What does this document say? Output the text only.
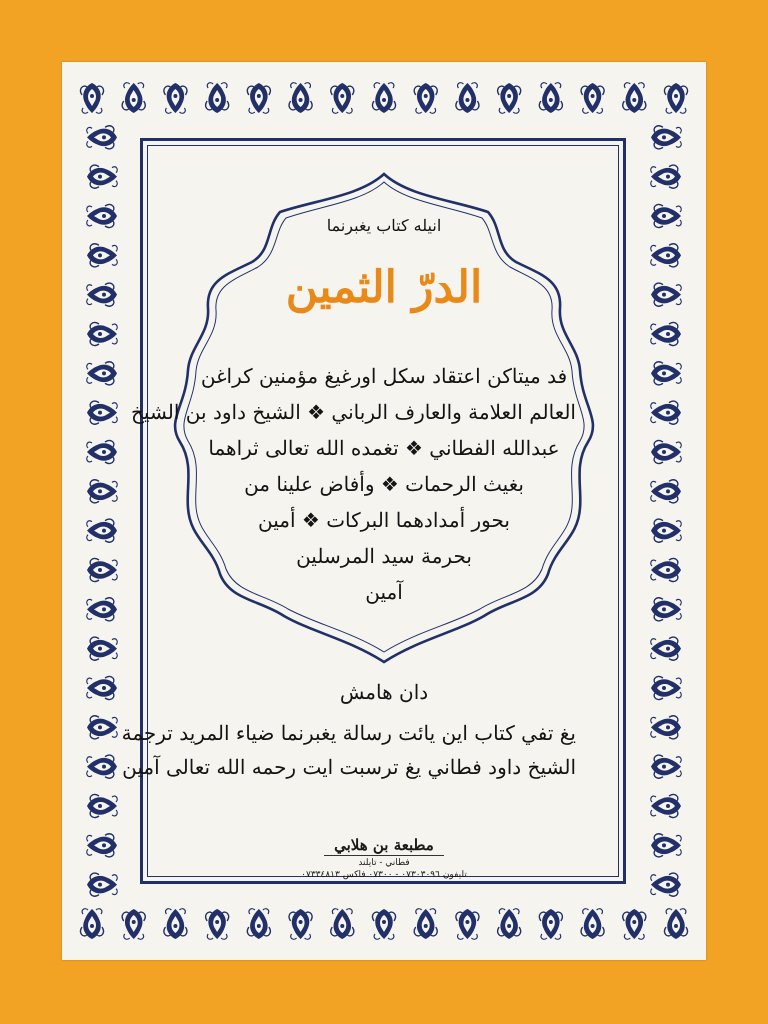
انيله كتاب يغبرنما
الدرّ الثمين
فد ميتاكن اعتقاد سكل اورغيغ مؤمنين كراغن
العالم العلامة والعارف الرباني ❖ الشيخ داود بن الشيخ
عبدالله الفطاني ❖ تغمده الله تعالى ثراهما
بغيث الرحمات ❖ وأفاض علينا من
بحور أمدادهما البركات ❖ أمين
بحرمة سيد المرسلين
آمين
دان هامش
يغ تفي كتاب اين يائت رسالة يغبرنما ضياء المريد ترجمة
الشيخ داود فطاني يغ ترسبت ايت رحمه الله تعالى آمين
مطبعة بن هلابي
فطاني - تايلند
تليفون ٠٧٣٠٣٠٩٦ - ٠٧٣٠٠ فاكس ٠٧٣٣٤٨١٣
